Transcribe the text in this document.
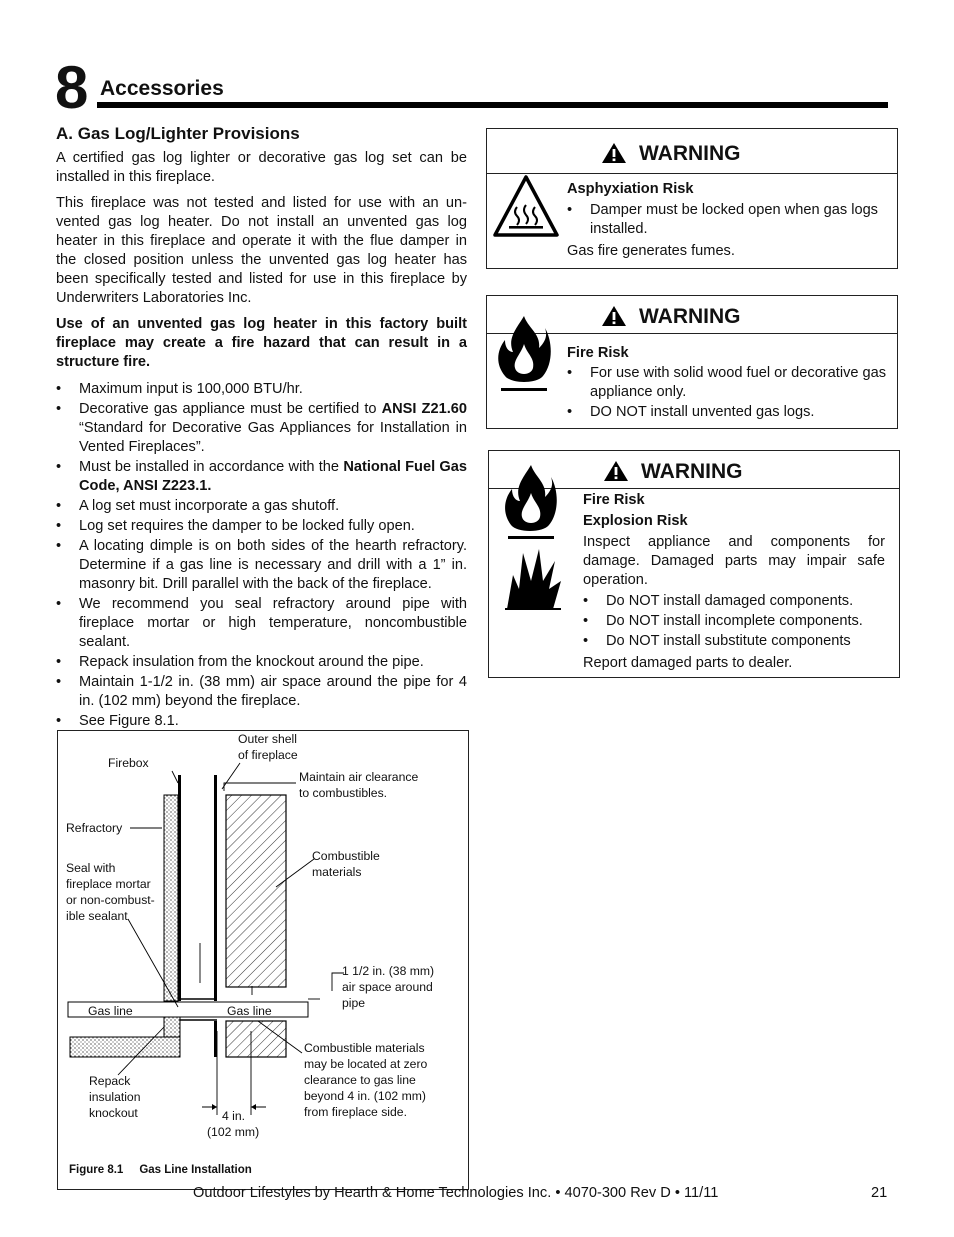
8 Accessories
A. Gas Log/Lighter Provisions

A certified gas log lighter or decorative gas log set can be installed in this fireplace.

This fireplace was not tested and listed for use with an un-vented gas log heater. Do not install an unvented gas log heater in this fireplace and operate it with the flue damper in the closed position unless the unvented gas log heater has been specifically tested and listed for use in this fireplace by Underwriters Laboratories Inc.

Use of an unvented gas log heater in this factory built fireplace may create a fire hazard that can result in a structure fire.

• Maximum input is 100,000 BTU/hr.
• Decorative gas appliance must be certified to ANSI Z21.60 “Standard for Decorative Gas Appliances for Installation in Vented Fireplaces”.
• Must be installed in accordance with the National Fuel Gas Code, ANSI Z223.1.
• A log set must incorporate a gas shutoff.
• Log set requires the damper to be locked fully open.
• A locating dimple is on both sides of the hearth refractory. Determine if a gas line is necessary and drill with a 1” in. masonry bit. Drill parallel with the back of the fireplace.
• We recommend you seal refractory around pipe with fireplace mortar or high temperature, noncombustible sealant.
• Repack insulation from the knockout around the pipe.
• Maintain 1-1/2 in. (38 mm) air space around the pipe for 4 in. (102 mm) beyond the fireplace.
• See Figure 8.1.
WARNING
Asphyxiation Risk
• Damper must be locked open when gas logs installed.
Gas fire generates fumes.
WARNING
Fire Risk
• For use with solid wood fuel or decorative gas appliance only.
• DO NOT install unvented gas logs.
WARNING
Fire Risk
Explosion Risk
Inspect appliance and components for damage. Damaged parts may impair safe operation.
• Do NOT install damaged components.
• Do NOT install incomplete components.
• Do NOT install substitute components
Report damaged parts to dealer.
Firebox
Outer shell
of fireplace
Maintain air clearance
to combustibles.
Refractory
Seal with
fireplace mortar
or non-combust-
ible sealant
Combustible
materials
1 1/2 in. (38 mm)
air space around
pipe
Gas line	Gas line
Combustible materials
may be located at zero
clearance to gas line
beyond 4 in. (102 mm)
from fireplace side.
Repack
insulation
knockout	4 in.
(102 mm)
Figure 8.1 Gas Line Installation
Outdoor Lifestyles by Hearth & Home Technologies Inc. • 4070-300 Rev D • 11/11	21
